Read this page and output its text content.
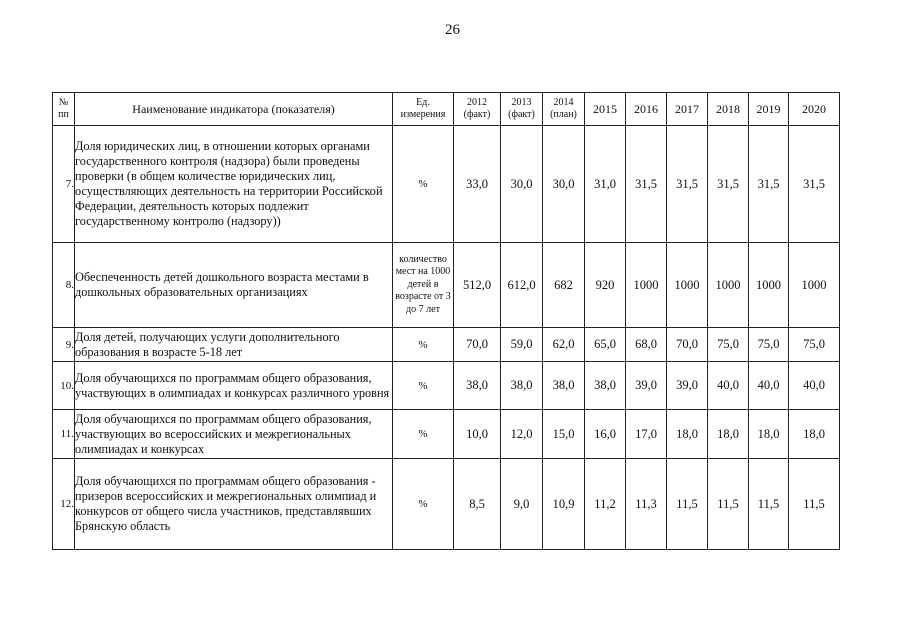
26
№ пп	Наименование индикатора (показателя)	Ед. измерения	2012 (факт)	2013 (факт)	2014 (план)	2015	2016	2017	2018	2019	2020
7.	Доля юридических лиц, в отношении которых органами государственного контроля (надзора) были проведены проверки (в общем количестве юридических лиц, осуществляющих деятельность на территории Российской Федерации, деятельность которых подлежит государственному контролю (надзору))	%	33,0	30,0	30,0	31,0	31,5	31,5	31,5	31,5	31,5
8.	Обеспеченность детей дошкольного возраста местами в дошкольных образовательных организациях	количество мест на 1000 детей в возрасте от 3 до 7 лет	512,0	612,0	682	920	1000	1000	1000	1000	1000
9.	Доля детей, получающих услуги дополнительного образования в возрасте 5-18 лет	%	70,0	59,0	62,0	65,0	68,0	70,0	75,0	75,0	75,0
10.	Доля обучающихся по программам общего образования, участвующих в олимпиадах и конкурсах различного уровня	%	38,0	38,0	38,0	38,0	39,0	39,0	40,0	40,0	40,0
11.	Доля обучающихся по программам общего образования, участвующих во всероссийских и межрегиональных олимпиадах и конкурсах	%	10,0	12,0	15,0	16,0	17,0	18,0	18,0	18,0	18,0
12.	Доля обучающихся по программам общего образования - призеров всероссийских и межрегиональных олимпиад и конкурсов от общего числа участников, представлявших Брянскую область	%	8,5	9,0	10,9	11,2	11,3	11,5	11,5	11,5	11,5
